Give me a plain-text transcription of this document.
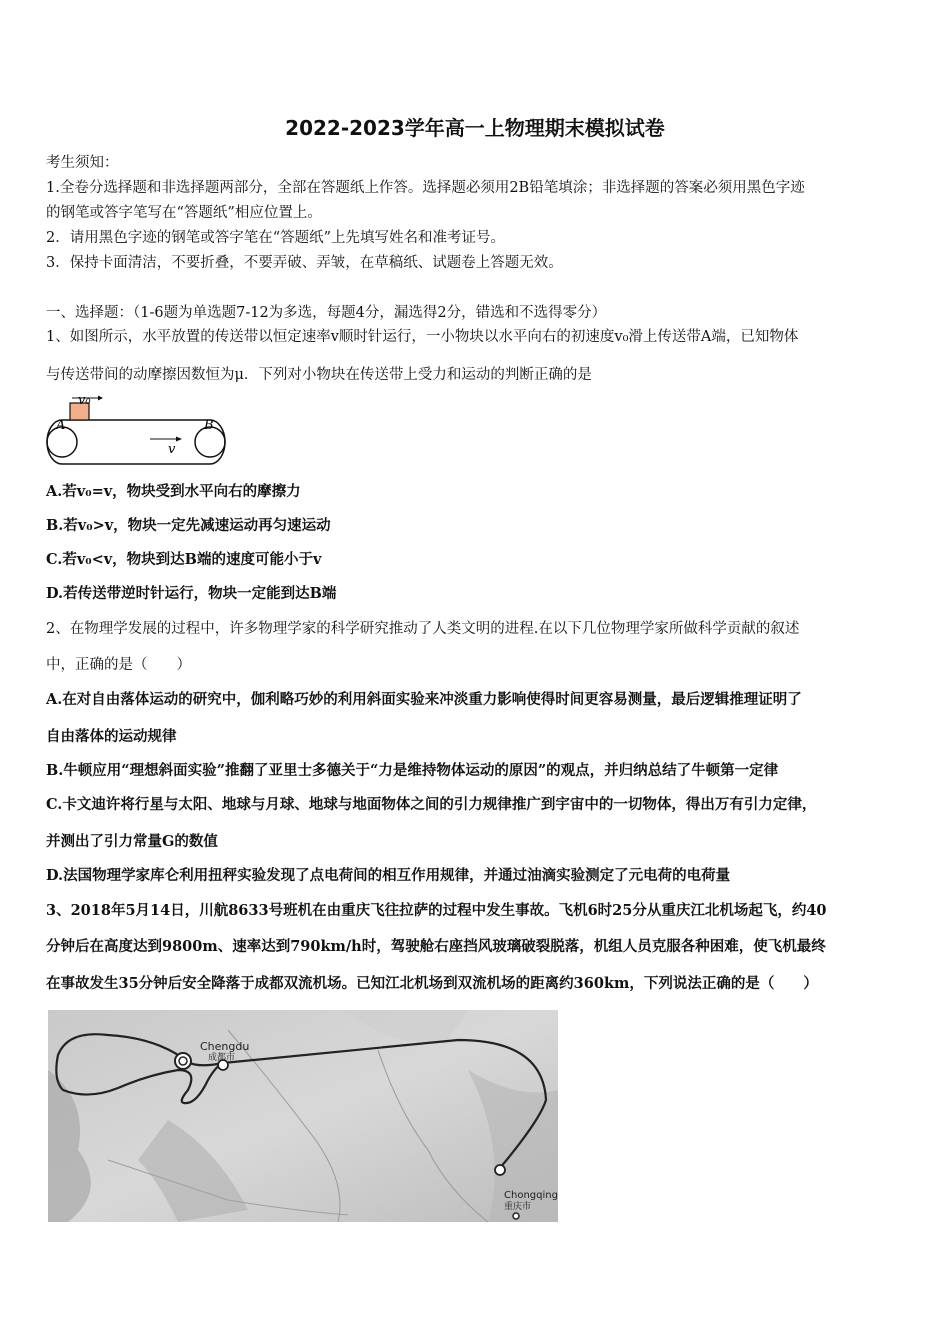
2022-2023学年高一上物理期末模拟试卷
考生须知：
1.全卷分选择题和非选择题两部分，全部在答题纸上作答。选择题必须用2B铅笔填涂；非选择题的答案必须用黑色字迹
的钢笔或答字笔写在“答题纸”相应位置上。
2．请用黑色字迹的钢笔或答字笔在“答题纸”上先填写姓名和准考证号。
3．保持卡面清洁，不要折叠，不要弄破、弄皱，在草稿纸、试题卷上答题无效。
一、选择题：（1-6题为单选题7-12为多选，每题4分，漏选得2分，错选和不选得零分）
1、如图所示，水平放置的传送带以恒定速率v顺时针运行，一小物块以水平向右的初速度v₀滑上传送带A端，已知物体
与传送带间的动摩擦因数恒为μ．下列对小物块在传送带上受力和运动的判断正确的是
v₀
A	B
v
A.若v₀=v，物块受到水平向右的摩擦力
B.若v₀>v，物块一定先减速运动再匀速运动
C.若v₀<v，物块到达B端的速度可能小于v
D.若传送带逆时针运行，物块一定能到达B端
2、在物理学发展的过程中，许多物理学家的科学研究推动了人类文明的进程.在以下几位物理学家所做科学贡献的叙述
中，正确的是（　　）
A.在对自由落体运动的研究中，伽利略巧妙的利用斜面实验来冲淡重力影响使得时间更容易测量，最后逻辑推理证明了
自由落体的运动规律
B.牛顿应用“理想斜面实验”推翻了亚里士多德关于“力是维持物体运动的原因”的观点，并归纳总结了牛顿第一定律
C.卡文迪许将行星与太阳、地球与月球、地球与地面物体之间的引力规律推广到宇宙中的一切物体，得出万有引力定律，
并测出了引力常量G的数值
D.法国物理学家库仑利用扭秤实验发现了点电荷间的相互作用规律，并通过油滴实验测定了元电荷的电荷量
3、2018年5月14日，川航8633号班机在由重庆飞往拉萨的过程中发生事故。飞机6时25分从重庆江北机场起飞，约40
分钟后在高度达到9800m、速率达到790km/h时，驾驶舱右座挡风玻璃破裂脱落，机组人员克服各种困难，使飞机最终
在事故发生35分钟后安全降落于成都双流机场。已知江北机场到双流机场的距离约360km，下列说法正确的是（　　）
Chengdu
成都市
Chongqing
重庆市
